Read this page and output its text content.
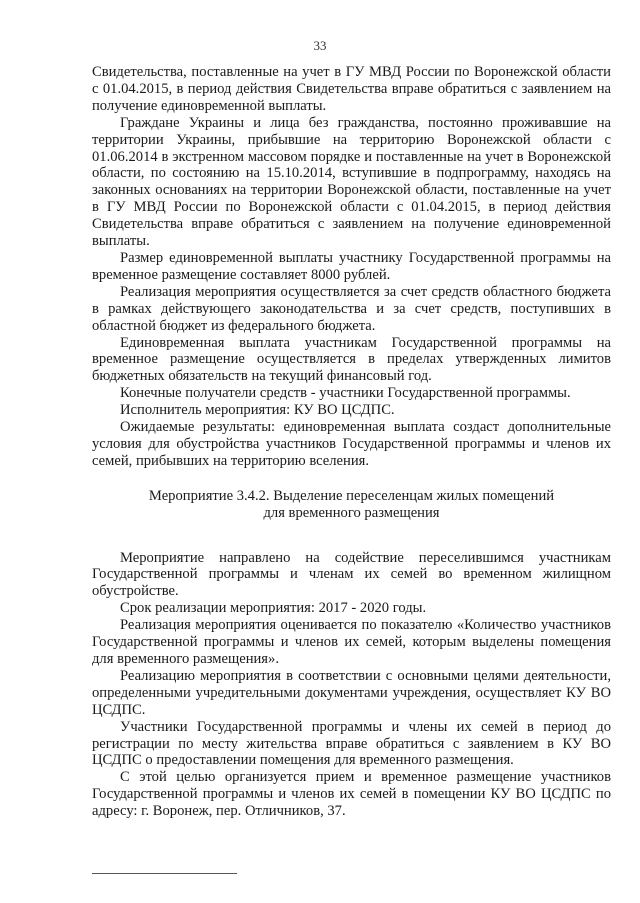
33

Свидетельства, поставленные на учет в ГУ МВД России по Воронежской области с 01.04.2015, в период действия Свидетельства вправе обратиться с заявлением на получение единовременной выплаты.

Граждане Украины и лица без гражданства, постоянно проживавшие на территории Украины, прибывшие на территорию Воронежской области с 01.06.2014 в экстренном массовом порядке и поставленные на учет в Воронежской области, по состоянию на 15.10.2014, вступившие в подпрограмму, находясь на законных основаниях на территории Воронежской области, поставленные на учет в ГУ МВД России по Воронежской области с 01.04.2015, в период действия Свидетельства вправе обратиться с заявлением на получение единовременной выплаты.

Размер единовременной выплаты участнику Государственной программы на временное размещение составляет 8000 рублей.

Реализация мероприятия осуществляется за счет средств областного бюджета в рамках действующего законодательства и за счет средств, поступивших в областной бюджет из федерального бюджета.

Единовременная выплата участникам Государственной программы на временное размещение осуществляется в пределах утвержденных лимитов бюджетных обязательств на текущий финансовый год.

Конечные получатели средств - участники Государственной программы.

Исполнитель мероприятия: КУ ВО ЦСДПС.

Ожидаемые результаты: единовременная выплата создаст дополнительные условия для обустройства участников Государственной программы и членов их семей, прибывших на территорию вселения.

Мероприятие 3.4.2. Выделение переселенцам жилых помещений
для временного размещения

Мероприятие направлено на содействие переселившимся участникам Государственной программы и членам их семей во временном жилищном обустройстве.

Срок реализации мероприятия: 2017 - 2020 годы.

Реализация мероприятия оценивается по показателю «Количество участников Государственной программы и членов их семей, которым выделены помещения для временного размещения».

Реализацию мероприятия в соответствии с основными целями деятельности, определенными учредительными документами учреждения, осуществляет КУ ВО ЦСДПС.

Участники Государственной программы и члены их семей в период до регистрации по месту жительства вправе обратиться с заявлением в КУ ВО ЦСДПС о предоставлении помещения для временного размещения.

С этой целью организуется прием и временное размещение участников Государственной программы и членов их семей в помещении КУ ВО ЦСДПС по адресу: г. Воронеж, пер. Отличников, 37.
